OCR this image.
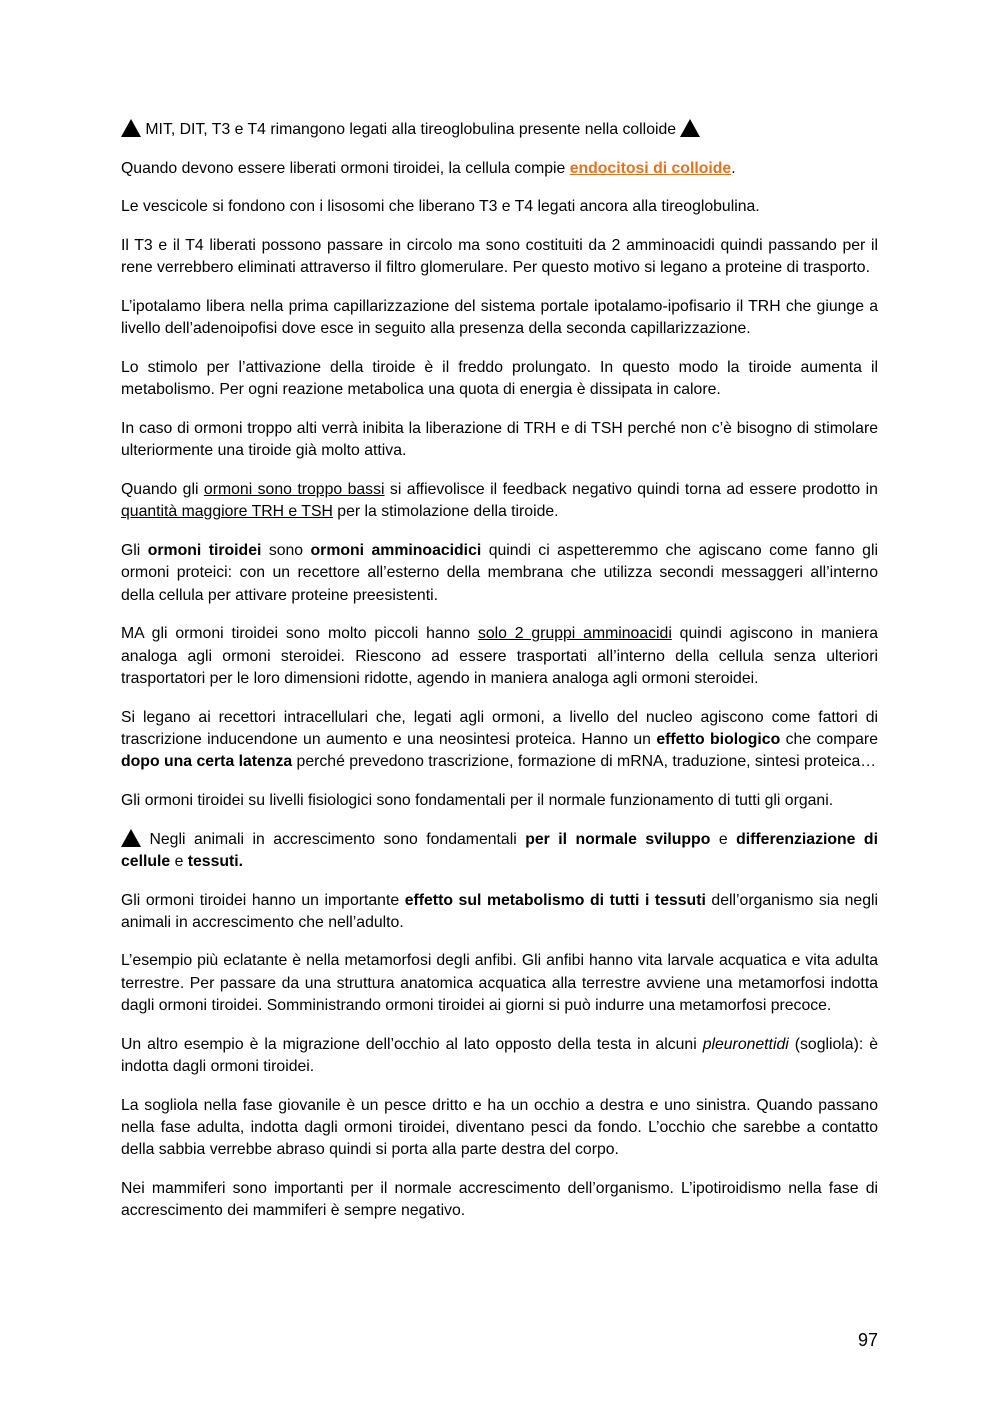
MIT, DIT, T3 e T4 rimangono legati alla tireoglobulina presente nella colloide

Quando devono essere liberati ormoni tiroidei, la cellula compie endocitosi di colloide.

Le vescicole si fondono con i lisosomi che liberano T3 e T4 legati ancora alla tireoglobulina.

Il T3 e il T4 liberati possono passare in circolo ma sono costituiti da 2 amminoacidi quindi passando per il rene verrebbero eliminati attraverso il filtro glomerulare. Per questo motivo si legano a proteine di trasporto.

L’ipotalamo libera nella prima capillarizzazione del sistema portale ipotalamo-ipofisario il TRH che giunge a livello dell’adenoipofisi dove esce in seguito alla presenza della seconda capillarizzazione.

Lo stimolo per l’attivazione della tiroide è il freddo prolungato. In questo modo la tiroide aumenta il metabolismo. Per ogni reazione metabolica una quota di energia è dissipata in calore.

In caso di ormoni troppo alti verrà inibita la liberazione di TRH e di TSH perché non c’è bisogno di stimolare ulteriormente una tiroide già molto attiva.

Quando gli ormoni sono troppo bassi si affievolisce il feedback negativo quindi torna ad essere prodotto in quantità maggiore TRH e TSH per la stimolazione della tiroide.

Gli ormoni tiroidei sono ormoni amminoacidici quindi ci aspetteremmo che agiscano come fanno gli ormoni proteici: con un recettore all’esterno della membrana che utilizza secondi messaggeri all’interno della cellula per attivare proteine preesistenti.

MA gli ormoni tiroidei sono molto piccoli hanno solo 2 gruppi amminoacidi quindi agiscono in maniera analoga agli ormoni steroidei. Riescono ad essere trasportati all’interno della cellula senza ulteriori trasportatori per le loro dimensioni ridotte, agendo in maniera analoga agli ormoni steroidei.

Si legano ai recettori intracellulari che, legati agli ormoni, a livello del nucleo agiscono come fattori di trascrizione inducendone un aumento e una neosintesi proteica. Hanno un effetto biologico che compare dopo una certa latenza perché prevedono trascrizione, formazione di mRNA, traduzione, sintesi proteica…

Gli ormoni tiroidei su livelli fisiologici sono fondamentali per il normale funzionamento di tutti gli organi.

Negli animali in accrescimento sono fondamentali per il normale sviluppo e differenziazione di cellule e tessuti.

Gli ormoni tiroidei hanno un importante effetto sul metabolismo di tutti i tessuti dell’organismo sia negli animali in accrescimento che nell’adulto.

L’esempio più eclatante è nella metamorfosi degli anfibi. Gli anfibi hanno vita larvale acquatica e vita adulta terrestre. Per passare da una struttura anatomica acquatica alla terrestre avviene una metamorfosi indotta dagli ormoni tiroidei. Somministrando ormoni tiroidei ai giorni si può indurre una metamorfosi precoce.

Un altro esempio è la migrazione dell’occhio al lato opposto della testa in alcuni pleuronettidi (sogliola): è indotta dagli ormoni tiroidei.

La sogliola nella fase giovanile è un pesce dritto e ha un occhio a destra e uno sinistra. Quando passano nella fase adulta, indotta dagli ormoni tiroidei, diventano pesci da fondo. L’occhio che sarebbe a contatto della sabbia verrebbe abraso quindi si porta alla parte destra del corpo.

Nei mammiferi sono importanti per il normale accrescimento dell’organismo. L’ipotiroidismo nella fase di accrescimento dei mammiferi è sempre negativo.

97
